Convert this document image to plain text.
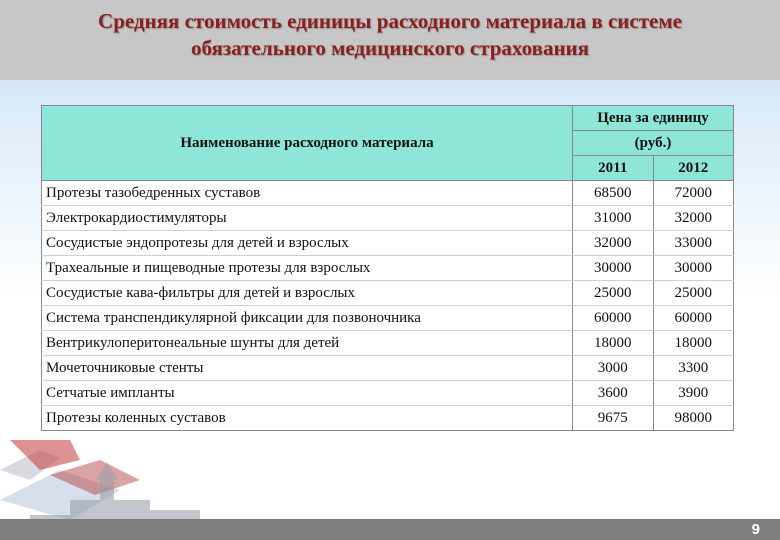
Средняя стоимость единицы расходного материала в системе
обязательного медицинского страхования
Наименование расходного материала	Цена за единицу	
	(руб.)	
	2011	2012
Протезы тазобедренных суставов	68500	72000
Электрокардиостимуляторы	31000	32000
Сосудистые эндопротезы для детей и взрослых	32000	33000
Трахеальные и пищеводные протезы для взрослых	30000	30000
Сосудистые кава-фильтры для детей и взрослых	25000	25000
Система транспендикулярной фиксации для позвоночника	60000	60000
Вентрикулоперитонеальные шунты для детей	18000	18000
Мочеточниковые стенты	3000	3300
Сетчатые импланты	3600	3900
Протезы коленных суставов	9675	98000
9
